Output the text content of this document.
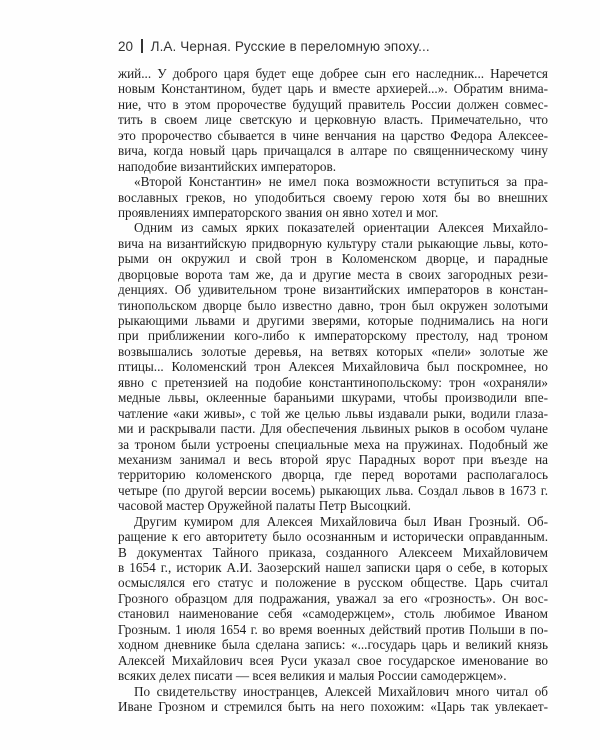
20 Л.А. Черная. Русские в переломную эпоху...
жий... У доброго царя будет еще добрее сын его наследник... Наречется
новым Константином, будет царь и вместе архиерей...». Обратим внима-
ние, что в этом пророчестве будущий правитель России должен совмес-
тить в своем лице светскую и церковную власть. Примечательно, что
это пророчество сбывается в чине венчания на царство Федора Алексее-
вича, когда новый царь причащался в алтаре по священническому чину
наподобие византийских императоров.
«Второй Константин» не имел пока возможности вступиться за пра-
вославных греков, но уподобиться своему герою хотя бы во внешних
проявлениях императорского звания он явно хотел и мог.
Одним из самых ярких показателей ориентации Алексея Михайло-
вича на византийскую придворную культуру стали рыкающие львы, кото-
рыми он окружил и свой трон в Коломенском дворце, и парадные
дворцовые ворота там же, да и другие места в своих загородных рези-
денциях. Об удивительном троне византийских императоров в констан-
тинопольском дворце было известно давно, трон был окружен золотыми
рыкающими львами и другими зверями, которые поднимались на ноги
при приближении кого-либо к императорскому престолу, над троном
возвышались золотые деревья, на ветвях которых «пели» золотые же
птицы... Коломенский трон Алексея Михайловича был поскромнее, но
явно с претензией на подобие константинопольскому: трон «охраняли»
медные львы, оклеенные бараньими шкурами, чтобы производили впе-
чатление «аки живы», с той же целью львы издавали рыки, водили глаза-
ми и раскрывали пасти. Для обеспечения львиных рыков в особом чулане
за троном были устроены специальные меха на пружинах. Подобный же
механизм занимал и весь второй ярус Парадных ворот при въезде на
территорию коломенского дворца, где перед воротами располагалось
четыре (по другой версии восемь) рыкающих льва. Создал львов в 1673 г.
часовой мастер Оружейной палаты Петр Высоцкий.
Другим кумиром для Алексея Михайловича был Иван Грозный. Об-
ращение к его авторитету было осознанным и исторически оправданным.
В документах Тайного приказа, созданного Алексеем Михайловичем
в 1654 г., историк А.И. Заозерский нашел записки царя о себе, в которых
осмыслялся его статус и положение в русском обществе. Царь считал
Грозного образцом для подражания, уважал за его «грозность». Он вос-
становил наименование себя «самодержцем», столь любимое Иваном
Грозным. 1 июля 1654 г. во время военных действий против Польши в по-
ходном дневнике была сделана запись: «...государь царь и великий князь
Алексей Михайлович всея Руси указал свое государское именование во
всяких делех писати — всея великия и малыя России самодержцем».
По свидетельству иностранцев, Алексей Михайлович много читал об
Иване Грозном и стремился быть на него похожим: «Царь так увлекает-
